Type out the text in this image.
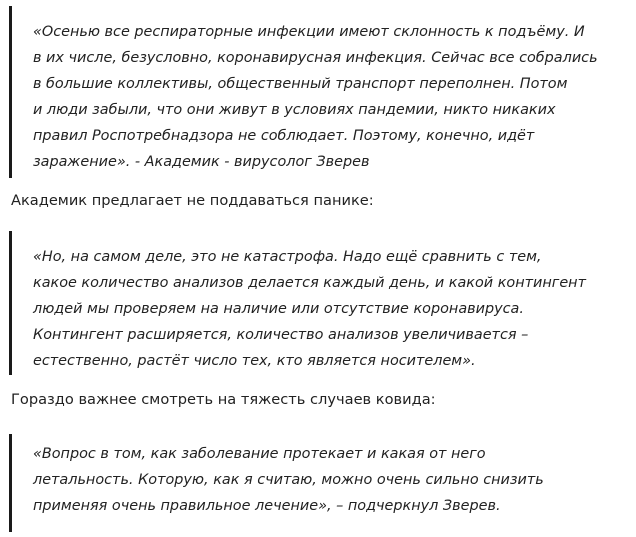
«Осенью все респираторные инфекции имеют склонность к подъёму. И
в их числе, безусловно, коронавирусная инфекция. Сейчас все собрались
в большие коллективы, общественный транспорт переполнен. Потом
и люди забыли, что они живут в условиях пандемии, никто никаких
правил Роспотребнадзора не соблюдает. Поэтому, конечно, идёт
заражение». - Академик - вирусолог Зверев

Академик предлагает не поддаваться панике:

«Но, на самом деле, это не катастрофа. Надо ещё сравнить с тем,
какое количество анализов делается каждый день, и какой контингент
людей мы проверяем на наличие или отсутствие коронавируса.
Контингент расширяется, количество анализов увеличивается –
естественно, растёт число тех, кто является носителем».

Гораздо важнее смотреть на тяжесть случаев ковида:

«Вопрос в том, как заболевание протекает и какая от него
летальность. Которую, как я считаю, можно очень сильно снизить
применяя очень правильное лечение», – подчеркнул Зверев.
